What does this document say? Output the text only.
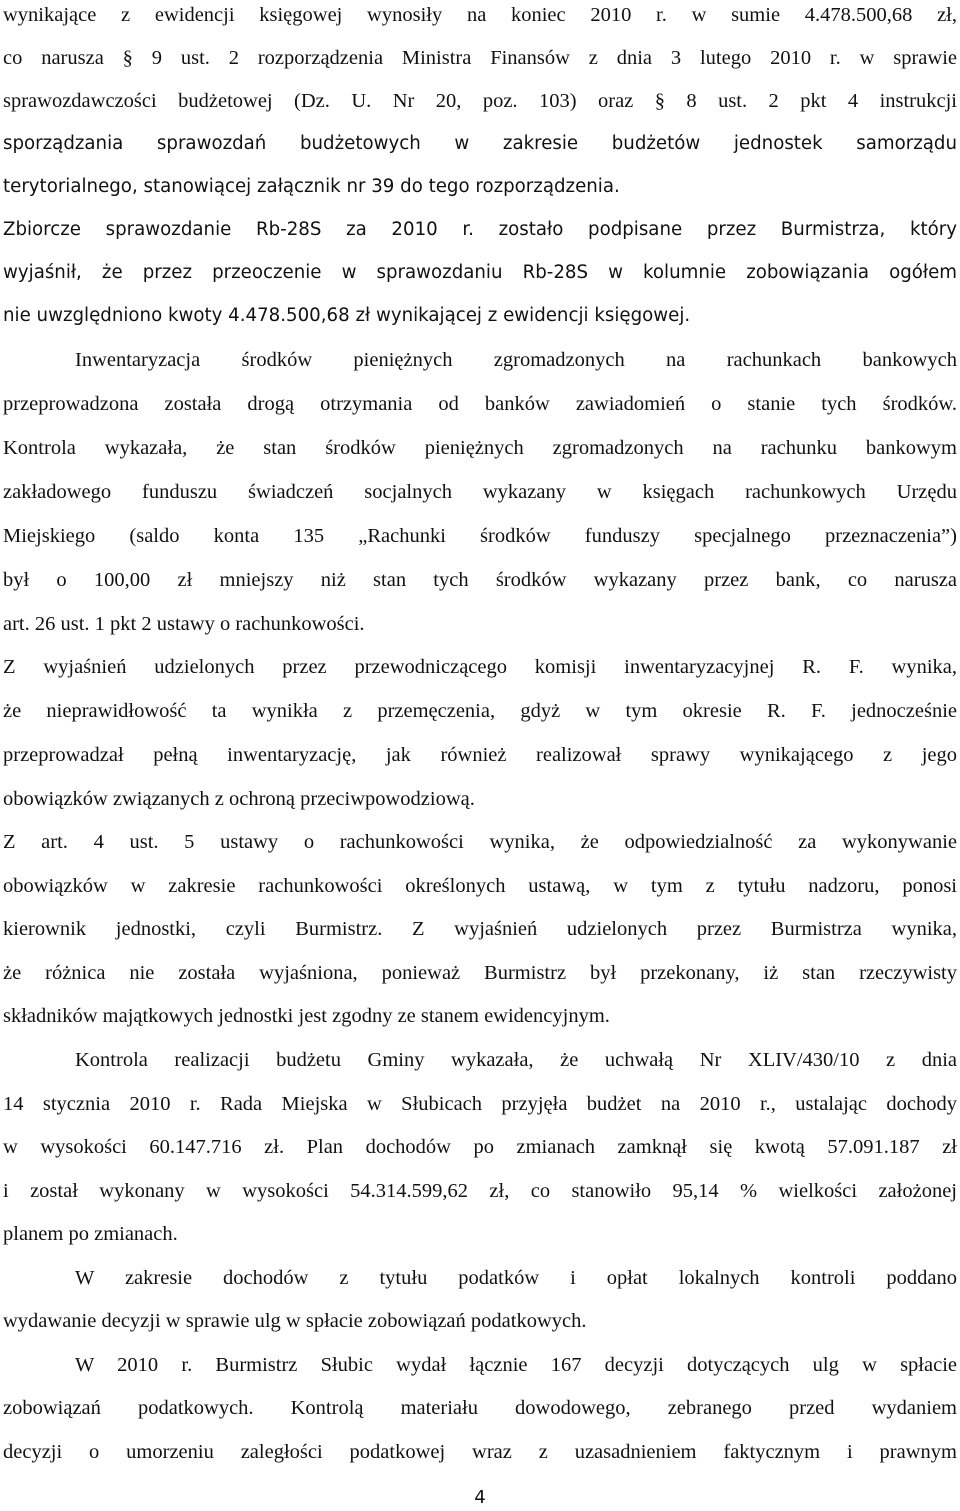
wynikające z ewidencji księgowej wynosiły na koniec 2010 r. w sumie 4.478.500,68 zł,
co narusza § 9 ust. 2 rozporządzenia Ministra Finansów z dnia 3 lutego 2010 r. w sprawie
sprawozdawczości budżetowej (Dz. U. Nr 20, poz. 103) oraz § 8 ust. 2 pkt 4 instrukcji
sporządzania sprawozdań budżetowych w zakresie budżetów jednostek samorządu
terytorialnego, stanowiącej załącznik nr 39 do tego rozporządzenia.
Zbiorcze sprawozdanie Rb-28S za 2010 r. zostało podpisane przez Burmistrza, który
wyjaśnił, że przez przeoczenie w sprawozdaniu Rb-28S w kolumnie zobowiązania ogółem
nie uwzględniono kwoty 4.478.500,68 zł wynikającej z ewidencji księgowej.
Inwentaryzacja środków pieniężnych zgromadzonych na rachunkach bankowych
przeprowadzona została drogą otrzymania od banków zawiadomień o stanie tych środków.
Kontrola wykazała, że stan środków pieniężnych zgromadzonych na rachunku bankowym
zakładowego funduszu świadczeń socjalnych wykazany w księgach rachunkowych Urzędu
Miejskiego (saldo konta 135 „Rachunki środków funduszy specjalnego przeznaczenia”)
był o 100,00 zł mniejszy niż stan tych środków wykazany przez bank, co narusza
art. 26 ust. 1 pkt 2 ustawy o rachunkowości.
Z wyjaśnień udzielonych przez przewodniczącego komisji inwentaryzacyjnej R. F. wynika,
że nieprawidłowość ta wynikła z przemęczenia, gdyż w tym okresie R. F. jednocześnie
przeprowadzał pełną inwentaryzację, jak również realizował sprawy wynikającego z jego
obowiązków związanych z ochroną przeciwpowodziową.
Z art. 4 ust. 5 ustawy o rachunkowości wynika, że odpowiedzialność za wykonywanie
obowiązków w zakresie rachunkowości określonych ustawą, w tym z tytułu nadzoru, ponosi
kierownik jednostki, czyli Burmistrz. Z wyjaśnień udzielonych przez Burmistrza wynika,
że różnica nie została wyjaśniona, ponieważ Burmistrz był przekonany, iż stan rzeczywisty
składników majątkowych jednostki jest zgodny ze stanem ewidencyjnym.
Kontrola realizacji budżetu Gminy wykazała, że uchwałą Nr XLIV/430/10 z dnia
14 stycznia 2010 r. Rada Miejska w Słubicach przyjęła budżet na 2010 r., ustalając dochody
w wysokości 60.147.716 zł. Plan dochodów po zmianach zamknął się kwotą 57.091.187 zł
i został wykonany w wysokości 54.314.599,62 zł, co stanowiło 95,14 % wielkości założonej
planem po zmianach.
W zakresie dochodów z tytułu podatków i opłat lokalnych kontroli poddano
wydawanie decyzji w sprawie ulg w spłacie zobowiązań podatkowych.
W 2010 r. Burmistrz Słubic wydał łącznie 167 decyzji dotyczących ulg w spłacie
zobowiązań podatkowych. Kontrolą materiału dowodowego, zebranego przed wydaniem
decyzji o umorzeniu zaległości podatkowej wraz z uzasadnieniem faktycznym i prawnym
4
